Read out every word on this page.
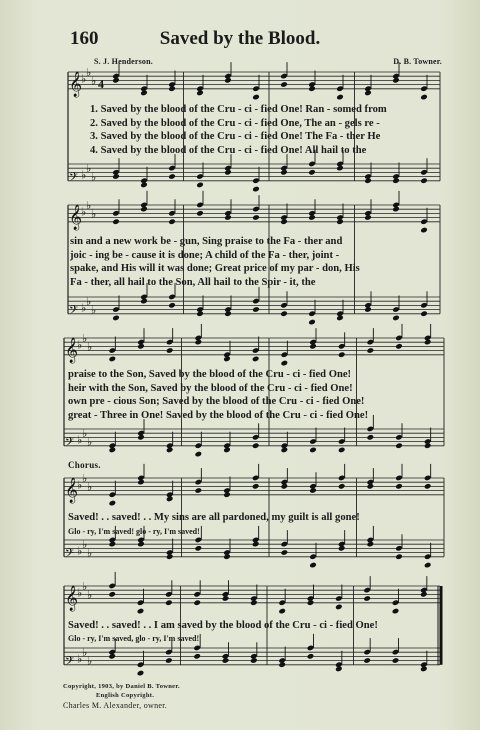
160	Saved by the Blood.
S. J. Henderson.	D. B. Towner.
𝄞
♭ ♭
♭
𝄢 ♭ ♭
♭
4
𝄞
♭ ♭
♭
𝄢 ♭ ♭
♭
𝄞
♭ ♭
♭
𝄢 ♭ ♭
♭
𝄞
♭ ♭
♭
𝄢 ♭ ♭
♭
𝄞
♭ ♭
♭
𝄢 ♭ ♭
♭
1. Saved by the blood of the Cru - ci - fied One! Ran - somed from
2. Saved by the blood of the Cru - ci - fied One, The an - gels re -
3. Saved by the blood of the Cru - ci - fied One! The Fa - ther He
4. Saved by the blood of the Cru - ci - fied One! All hail to the
sin and a new work be - gun, Sing praise to the Fa - ther and
joic - ing be - cause it is done; A child of the Fa - ther, joint -
spake, and His will it was done; Great price of my par - don, His
Fa - ther, all hail to the Son, All hail to the Spir - it, the
praise to the Son, Saved by the blood of the Cru - ci - fied One!
heir with the Son, Saved by the blood of the Cru - ci - fied One!
own pre - cious Son; Saved by the blood of the Cru - ci - fied One!
great - Three in One! Saved by the blood of the Cru - ci - fied One!
Chorus.
Saved! . . saved! . . My sins are all pardoned, my guilt is all gone!
Glo - ry, I'm saved! glo - ry, I'm saved!
Saved! . . saved! . . I am saved by the blood of the Cru - ci - fied One!
Glo - ry, I'm saved, glo - ry, I'm saved!
Copyright, 1903, by Daniel B. Towner.
English Copyright.
Charles M. Alexander, owner.
